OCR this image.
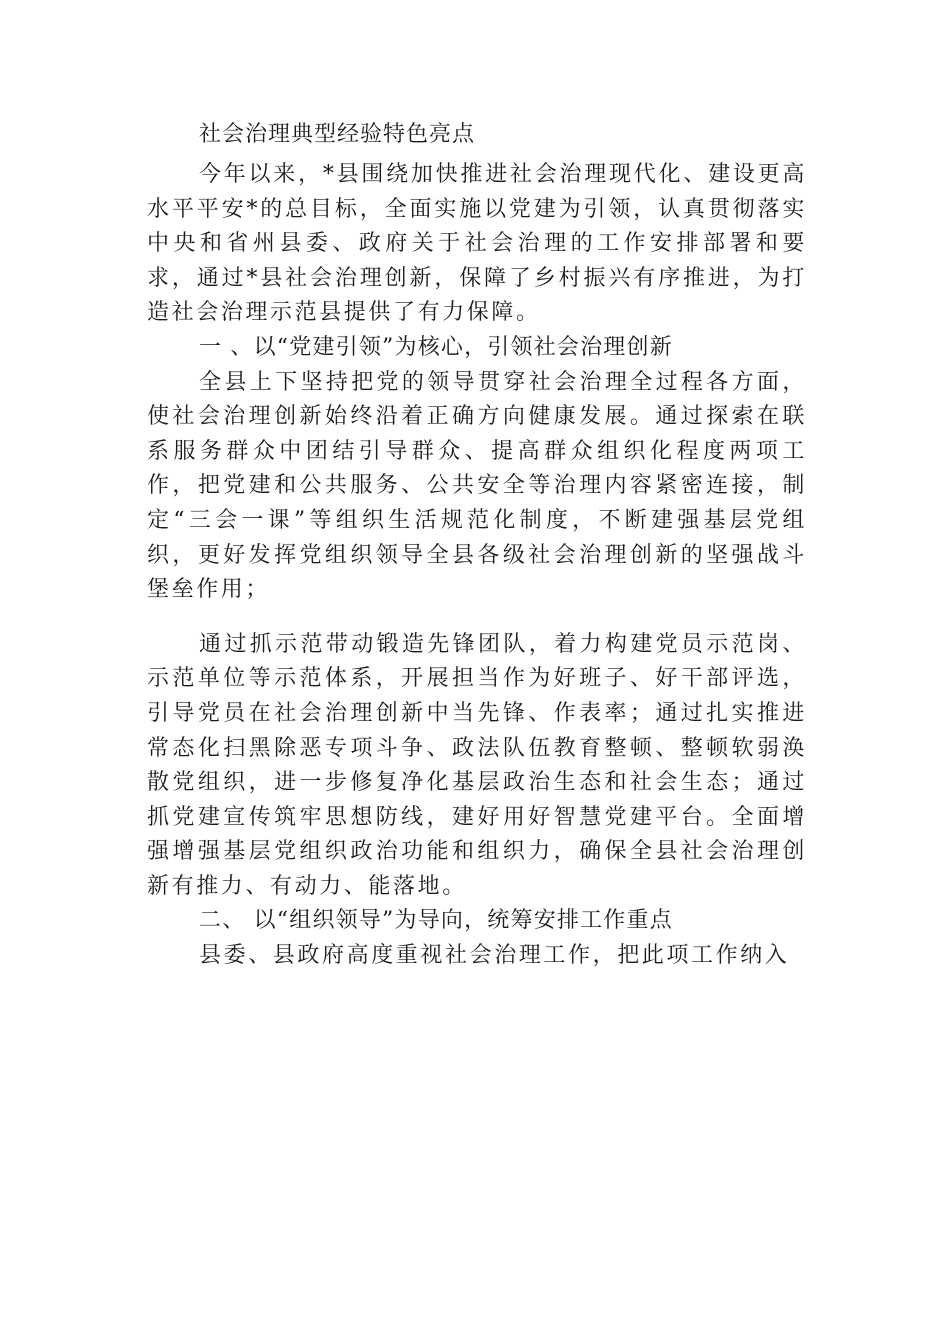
社会治理典型经验特色亮点

今年以来，*县围绕加快推进社会治理现代化、建设更高水平平安*的总目标，全面实施以党建为引领，认真贯彻落实中央和省州县委、政府关于社会治理的工作安排部署和要求，通过*县社会治理创新，保障了乡村振兴有序推进，为打造社会治理示范县提供了有力保障。

一 、以“党建引领”为核心，引领社会治理创新

全县上下坚持把党的领导贯穿社会治理全过程各方面，使社会治理创新始终沿着正确方向健康发展。通过探索在联系服务群众中团结引导群众、提高群众组织化程度两项工作，把党建和公共服务、公共安全等治理内容紧密连接，制定“三会一课”等组织生活规范化制度，不断建强基层党组织，更好发挥党组织领导全县各级社会治理创新的坚强战斗堡垒作用；

通过抓示范带动锻造先锋团队，着力构建党员示范岗、示范单位等示范体系，开展担当作为好班子、好干部评选，引导党员在社会治理创新中当先锋、作表率；通过扎实推进常态化扫黑除恶专项斗争、政法队伍教育整顿、整顿软弱涣散党组织，进一步修复净化基层政治生态和社会生态；通过抓党建宣传筑牢思想防线，建好用好智慧党建平台。全面增强增强基层党组织政治功能和组织力，确保全县社会治理创新有推力、有动力、能落地。

二、 以“组织领导”为导向，统筹安排工作重点

县委、县政府高度重视社会治理工作，把此项工作纳入
